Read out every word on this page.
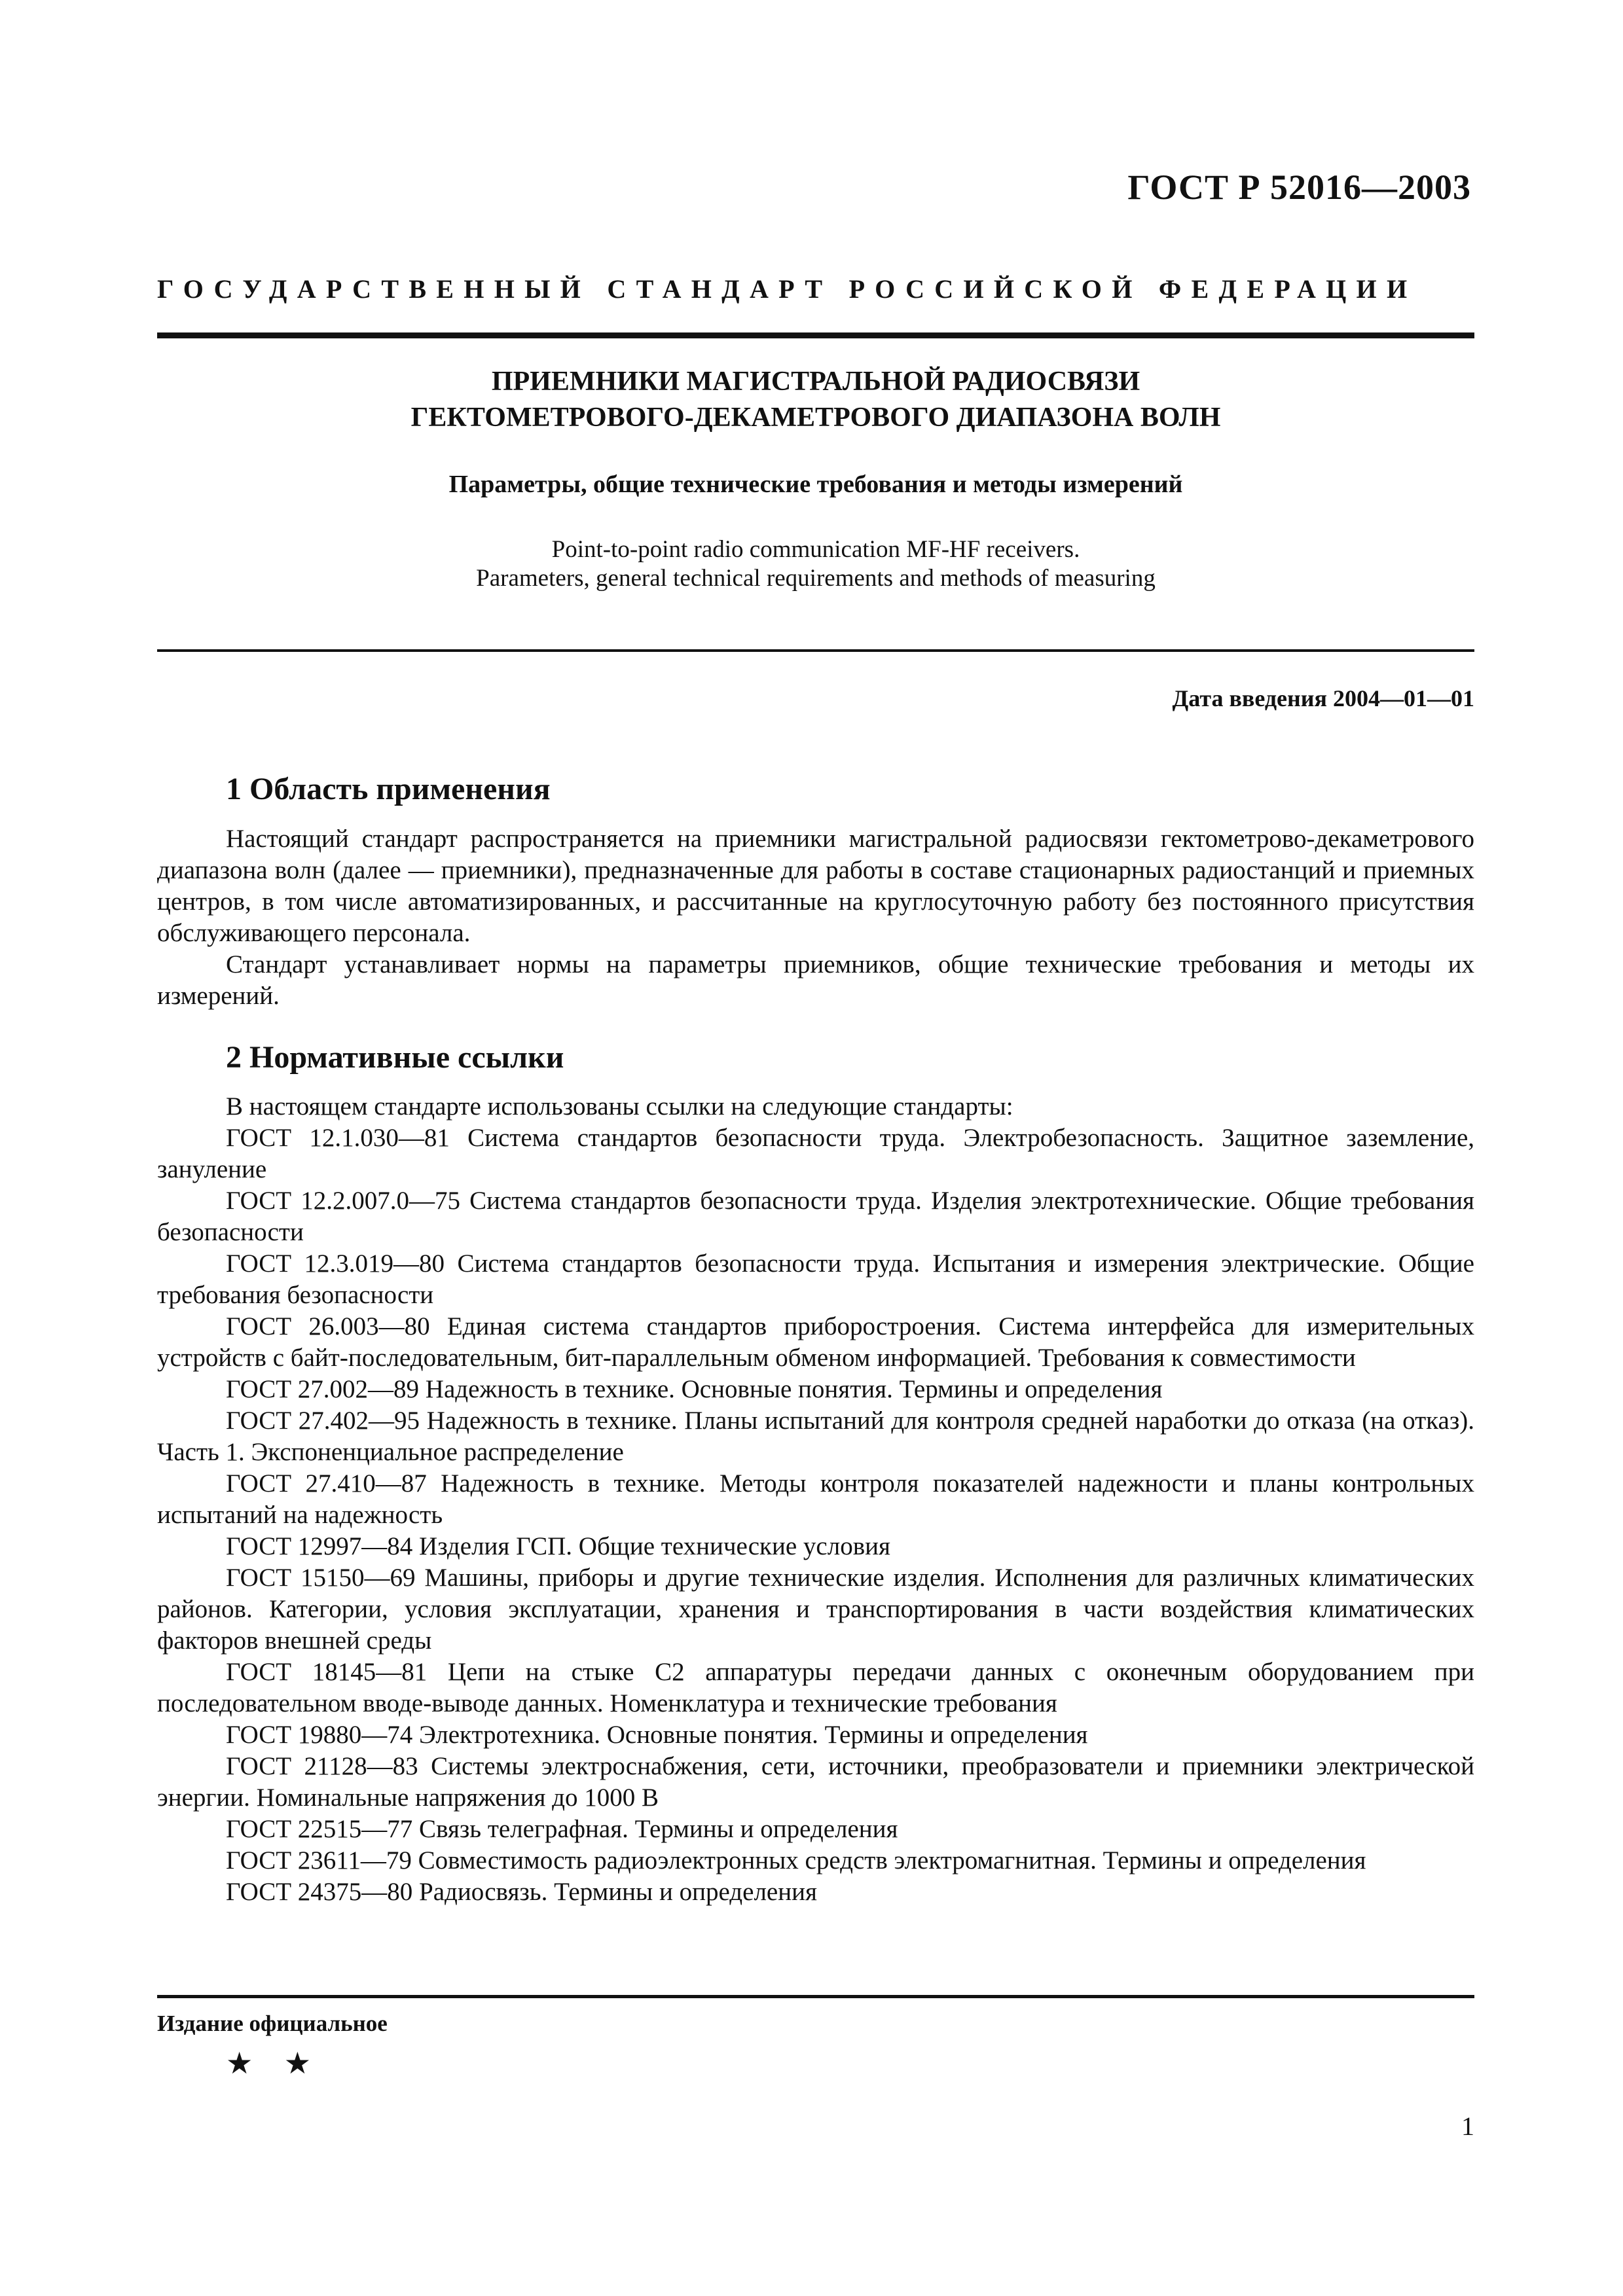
ГОСТ Р 52016—2003
ГОСУДАРСТВЕННЫЙ СТАНДАРТ РОССИЙСКОЙ ФЕДЕРАЦИИ
ПРИЕМНИКИ МАГИСТРАЛЬНОЙ РАДИОСВЯЗИ
ГЕКТОМЕТРОВОГО-ДЕКАМЕТРОВОГО ДИАПАЗОНА ВОЛН
Параметры, общие технические требования и методы измерений
Point-to-point radio communication MF-HF receivers.
Parameters, general technical requirements and methods of measuring
Дата введения 2004—01—01
1 Область применения

Настоящий стандарт распространяется на приемники магистральной радиосвязи гектометрово-декаметрового диапазона волн (далее — приемники), предназначенные для работы в составе стационарных радиостанций и приемных центров, в том числе автоматизированных, и рассчитанные на круглосуточную работу без постоянного присутствия обслуживающего персонала.

Стандарт устанавливает нормы на параметры приемников, общие технические требования и методы их измерений.

2 Нормативные ссылки

В настоящем стандарте использованы ссылки на следующие стандарты:

ГОСТ 12.1.030—81 Система стандартов безопасности труда. Электробезопасность. Защитное заземление, зануление

ГОСТ 12.2.007.0—75 Система стандартов безопасности труда. Изделия электротехнические. Общие требования безопасности

ГОСТ 12.3.019—80 Система стандартов безопасности труда. Испытания и измерения электрические. Общие требования безопасности

ГОСТ 26.003—80 Единая система стандартов приборостроения. Система интерфейса для измерительных устройств с байт-последовательным, бит-параллельным обменом информацией. Требования к совместимости

ГОСТ 27.002—89 Надежность в технике. Основные понятия. Термины и определения

ГОСТ 27.402—95 Надежность в технике. Планы испытаний для контроля средней наработки до отказа (на отказ). Часть 1. Экспоненциальное распределение

ГОСТ 27.410—87 Надежность в технике. Методы контроля показателей надежности и планы контрольных испытаний на надежность

ГОСТ 12997—84 Изделия ГСП. Общие технические условия

ГОСТ 15150—69 Машины, приборы и другие технические изделия. Исполнения для различных климатических районов. Категории, условия эксплуатации, хранения и транспортирования в части воздействия климатических факторов внешней среды

ГОСТ 18145—81 Цепи на стыке С2 аппаратуры передачи данных с оконечным оборудованием при последовательном вводе-выводе данных. Номенклатура и технические требования

ГОСТ 19880—74 Электротехника. Основные понятия. Термины и определения

ГОСТ 21128—83 Системы электроснабжения, сети, источники, преобразователи и приемники электрической энергии. Номинальные напряжения до 1000 В

ГОСТ 22515—77 Связь телеграфная. Термины и определения

ГОСТ 23611—79 Совместимость радиоэлектронных средств электромагнитная. Термины и определения

ГОСТ 24375—80 Радиосвязь. Термины и определения

Издание официальное
★ ★
1
